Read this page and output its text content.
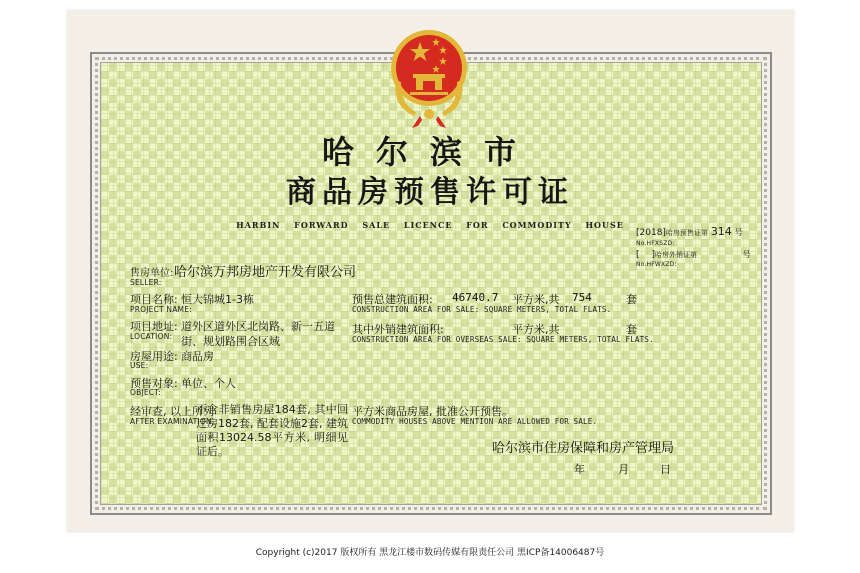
哈尔滨市
商品房预售许可证
HARBIN FORWARD SALE LICENCE FOR COMMODITY HOUSE
[2018]哈房预售证第 314 号
No.HFXSZD:
[ ]哈房外销证第	号
No.HFWXZD:
售房单位: 哈尔滨万邦房地产开发有限公司
SELLER:
项目名称: 恒大锦城1-3栋
PROJECT NAME:
项目地址: 道外区道外区北岗路、新一五道
LOCATION: 街、规划路围合区域
房屋用途: 商品房
USE:
预售对象: 单位、个人
OBJECT:
经审查, 以上所列
AFTER EXAMINATION
不含非销售房屋184套, 其中回迁房182套, 配套设施2套, 建筑面积13024.58平方米, 明细见证后。
预售总建筑面积: 46740.7 平方米,共 754	套
CONSTRUCTION AREA FOR SALE: SQUARE METERS, TOTAL FLATS.
其中外销建筑面积:	平方米,共	套
CONSTRUCTION AREA FOR OVERSEAS SALE: SQUARE METERS, TOTAL FLATS.
平方米商品房屋, 批准公开预售。
COMMODITY HOUSES ABOVE MENTION ARE ALLOWED FOR SALE.
哈尔滨市住房保障和房产管理局
年	月	日
Copyright (c)2017 版权所有 黑龙江楼市数码传媒有限责任公司 黑ICP备14006487号
